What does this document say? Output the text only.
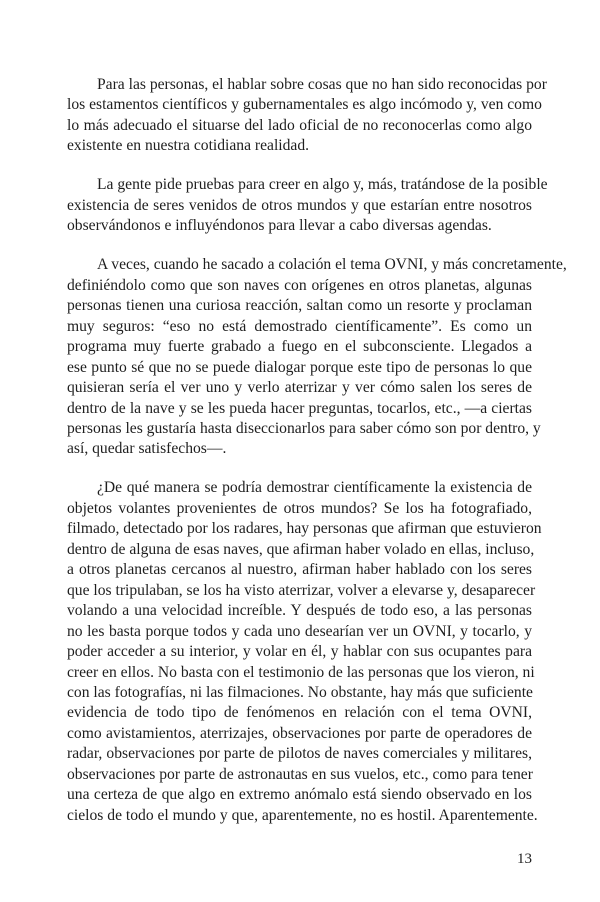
Para las personas, el hablar sobre cosas que no han sido reconocidas por
los estamentos científicos y gubernamentales es algo incómodo y, ven como
lo más adecuado el situarse del lado oficial de no reconocerlas como algo
existente en nuestra cotidiana realidad.
La gente pide pruebas para creer en algo y, más, tratándose de la posible
existencia de seres venidos de otros mundos y que estarían entre nosotros
observándonos e influyéndonos para llevar a cabo diversas agendas.
A veces, cuando he sacado a colación el tema OVNI, y más concretamente,
definiéndolo como que son naves con orígenes en otros planetas, algunas
personas tienen una curiosa reacción, saltan como un resorte y proclaman
muy seguros: “eso no está demostrado científicamente”. Es como un
programa muy fuerte grabado a fuego en el subconsciente. Llegados a
ese punto sé que no se puede dialogar porque este tipo de personas lo que
quisieran sería el ver uno y verlo aterrizar y ver cómo salen los seres de
dentro de la nave y se les pueda hacer preguntas, tocarlos, etc., —a ciertas
personas les gustaría hasta diseccionarlos para saber cómo son por dentro, y
así, quedar satisfechos—.
¿De qué manera se podría demostrar científicamente la existencia de
objetos volantes provenientes de otros mundos? Se los ha fotografiado,
filmado, detectado por los radares, hay personas que afirman que estuvieron
dentro de alguna de esas naves, que afirman haber volado en ellas, incluso,
a otros planetas cercanos al nuestro, afirman haber hablado con los seres
que los tripulaban, se los ha visto aterrizar, volver a elevarse y, desaparecer
volando a una velocidad increíble. Y después de todo eso, a las personas
no les basta porque todos y cada uno desearían ver un OVNI, y tocarlo, y
poder acceder a su interior, y volar en él, y hablar con sus ocupantes para
creer en ellos. No basta con el testimonio de las personas que los vieron, ni
con las fotografías, ni las filmaciones. No obstante, hay más que suficiente
evidencia de todo tipo de fenómenos en relación con el tema OVNI,
como avistamientos, aterrizajes, observaciones por parte de operadores de
radar, observaciones por parte de pilotos de naves comerciales y militares,
observaciones por parte de astronautas en sus vuelos, etc., como para tener
una certeza de que algo en extremo anómalo está siendo observado en los
cielos de todo el mundo y que, aparentemente, no es hostil. Aparentemente.
13
